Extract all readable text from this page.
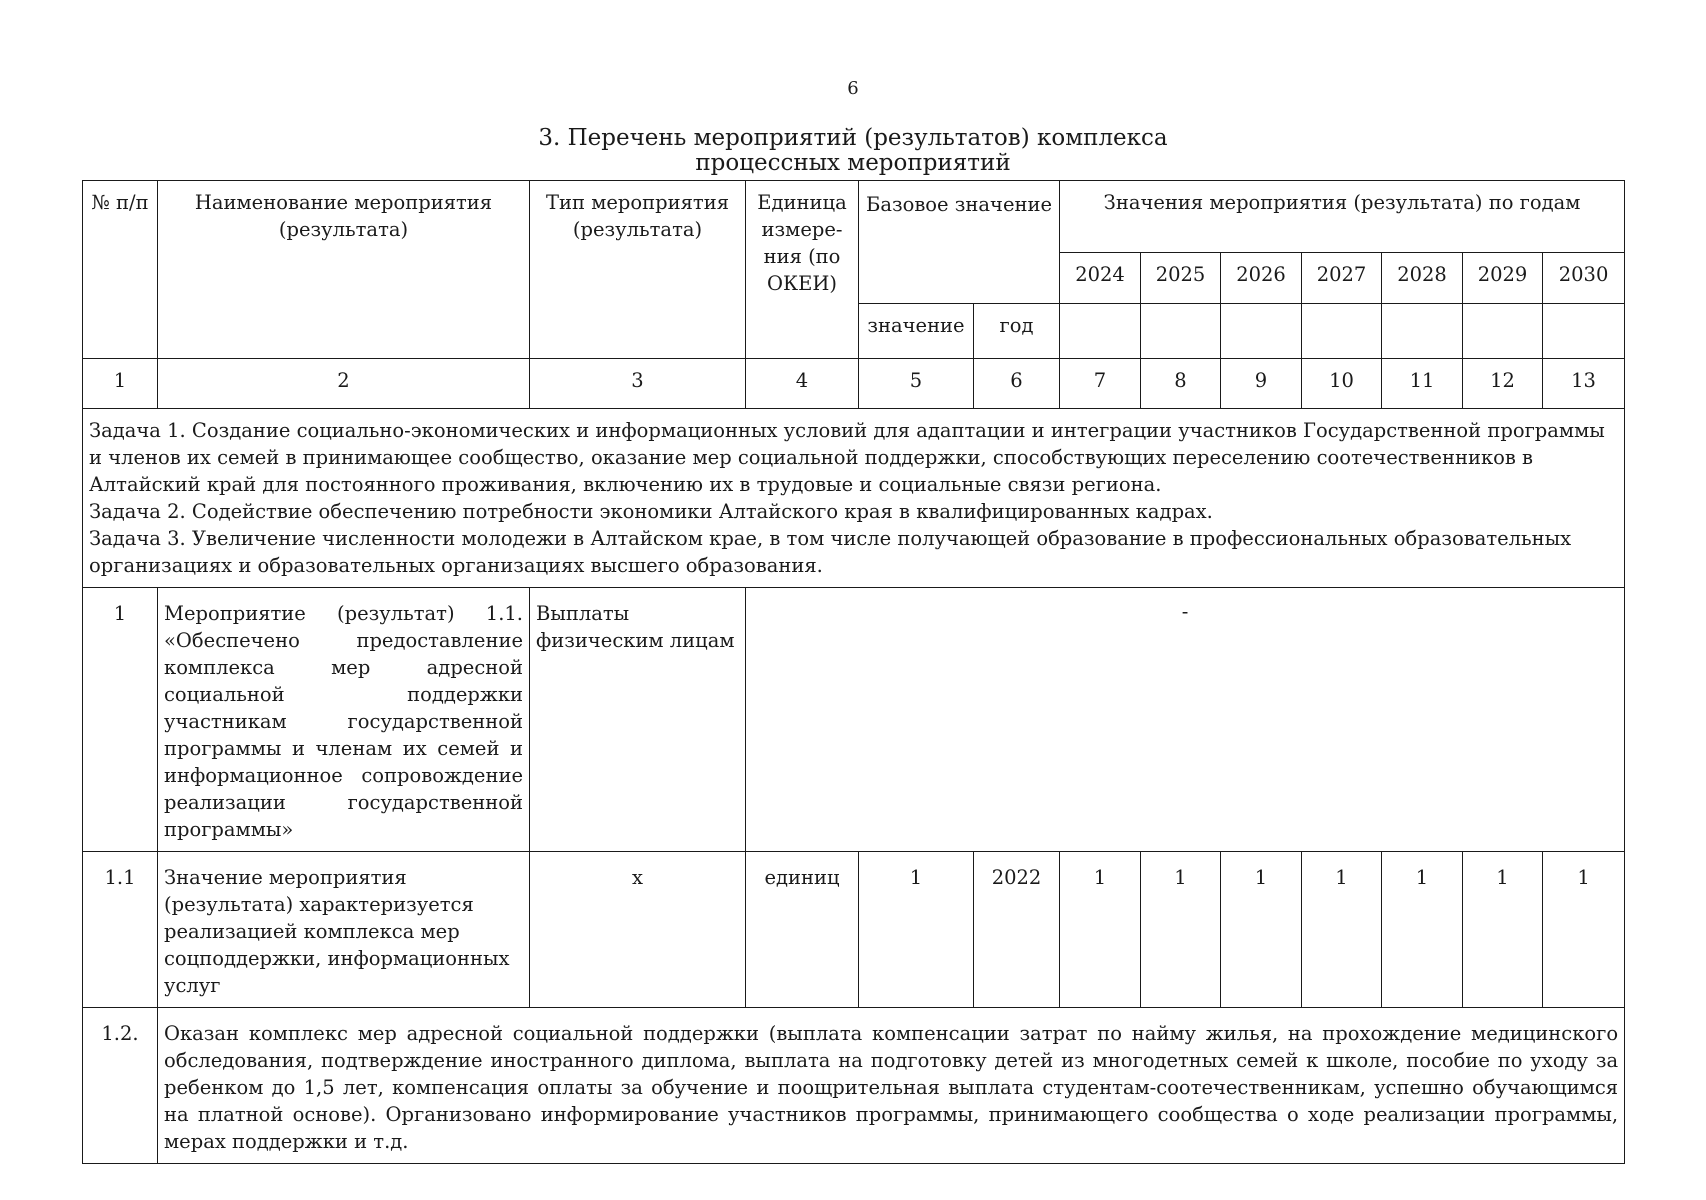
6
3. Перечень мероприятий (результатов) комплекса
процессных мероприятий
№ п/п	Наименование мероприятия (результата)	Тип мероприятия (результата)	Единица измере-ния (по ОКЕИ)	Базовое значение		Значения мероприятия (результата) по годам						
						2024	2025	2026	2027	2028	2029	2030
				значение	год							
1	2	3	4	5	6	7	8	9	10	11	12	13

Задача 1. Создание социально-экономических и информационных условий для адаптации и интеграции участников Государственной программы и членов их семей в принимающее сообщество, оказание мер социальной поддержки, способствующих переселению соотечественников в Алтайский край для постоянного проживания, включению их в трудовые и социальные связи региона.
Задача 2. Содействие обеспечению потребности экономики Алтайского края в квалифицированных кадрах.
Задача 3. Увеличение численности молодежи в Алтайском крае, в том числе получающей образование в профессиональных образовательных организациях и образовательных организациях высшего образования.												

1	Мероприятие (результат) 1.1. «Обеспечено предоставление комплекса мер адресной социальной поддержки участникам государственной программы и членам их семей и информационное сопровождение реализации государственной программы»	Выплаты физическим лицам	-									
1.1	Значение мероприятия (результата) характеризуется реализацией комплекса мер соцподдержки, информационных услуг	х	единиц	1	2022	1	1	1	1	1	1	1
1.2.	Оказан комплекс мер адресной социальной поддержки (выплата компенсации затрат по найму жилья, на прохождение медицинского обследования, подтверждение иностранного диплома, выплата на подготовку детей из многодетных семей к школе, пособие по уходу за ребенком до 1,5 лет, компенсация оплаты за обучение и поощрительная выплата студентам-соотечественникам, успешно обучающимся на платной основе). Организовано информирование участников программы, принимающего сообщества о ходе реализации программы, мерах поддержки и т.д.											
